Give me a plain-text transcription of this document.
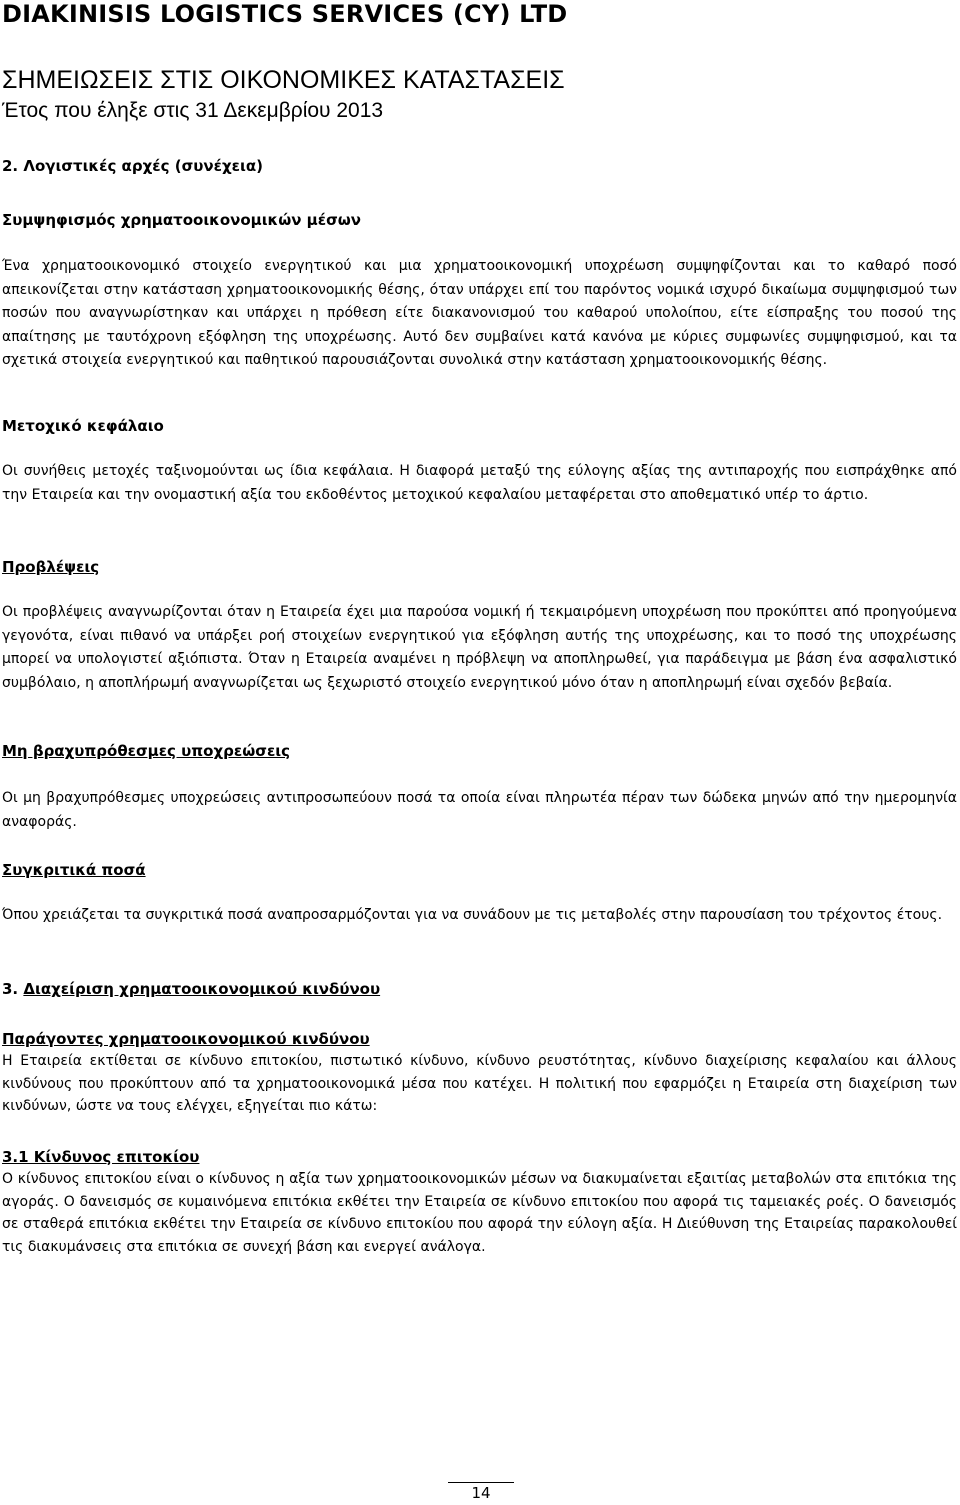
DIAKINISIS LOGISTICS SERVICES (CY) LTD
ΣΗΜΕΙΩΣΕΙΣ ΣΤΙΣ ΟΙΚΟΝΟΜΙΚΕΣ ΚΑΤΑΣΤΑΣΕΙΣ
Έτος που έληξε στις 31 Δεκεμβρίου 2013
2. Λογιστικές αρχές (συνέχεια)
Συμψηφισμός χρηματοοικονομικών μέσων

Ένα χρηματοοικονομικό στοιχείο ενεργητικού και μια χρηματοοικονομική υποχρέωση συμψηφίζονται και το καθαρό ποσό απεικονίζεται στην κατάσταση χρηματοοικονομικής θέσης, όταν υπάρχει επί του παρόντος νομικά ισχυρό δικαίωμα συμψηφισμού των ποσών που αναγνωρίστηκαν και υπάρχει η πρόθεση είτε διακανονισμού του καθαρού υπολοίπου, είτε είσπραξης του ποσού της απαίτησης με ταυτόχρονη εξόφληση της υποχρέωσης. Αυτό δεν συμβαίνει κατά κανόνα με κύριες συμφωνίες συμψηφισμού, και τα σχετικά στοιχεία ενεργητικού και παθητικού παρουσιάζονται συνολικά στην κατάσταση χρηματοοικονομικής θέσης.

Μετοχικό κεφάλαιο

Οι συνήθεις μετοχές ταξινομούνται ως ίδια κεφάλαια. Η διαφορά μεταξύ της εύλογης αξίας της αντιπαροχής που εισπράχθηκε από την Εταιρεία και την ονομαστική αξία του εκδοθέντος μετοχικού κεφαλαίου μεταφέρεται στο αποθεματικό υπέρ το άρτιο.

Προβλέψεις

Οι προβλέψεις αναγνωρίζονται όταν η Εταιρεία έχει μια παρούσα νομική ή τεκμαιρόμενη υποχρέωση που προκύπτει από προηγούμενα γεγονότα, είναι πιθανό να υπάρξει ροή στοιχείων ενεργητικού για εξόφληση αυτής της υποχρέωσης, και το ποσό της υποχρέωσης μπορεί να υπολογιστεί αξιόπιστα. Όταν η Εταιρεία αναμένει η πρόβλεψη να αποπληρωθεί, για παράδειγμα με βάση ένα ασφαλιστικό συμβόλαιο, η αποπλήρωμή αναγνωρίζεται ως ξεχωριστό στοιχείο ενεργητικού μόνο όταν η αποπληρωμή είναι σχεδόν βεβαία.

Μη βραχυπρόθεσμες υποχρεώσεις

Οι μη βραχυπρόθεσμες υποχρεώσεις αντιπροσωπεύουν ποσά τα οποία είναι πληρωτέα πέραν των δώδεκα μηνών από την ημερομηνία αναφοράς.

Συγκριτικά ποσά

Όπου χρειάζεται τα συγκριτικά ποσά αναπροσαρμόζονται για να συνάδουν με τις μεταβολές στην παρουσίαση του τρέχοντος έτους.

3. Διαχείριση χρηματοοικονομικού κινδύνου
Παράγοντες χρηματοοικονομικού κινδύνου

Η Εταιρεία εκτίθεται σε κίνδυνο επιτοκίου, πιστωτικό κίνδυνο, κίνδυνο ρευστότητας, κίνδυνο διαχείρισης κεφαλαίου και άλλους κινδύνους που προκύπτουν από τα χρηματοοικονομικά μέσα που κατέχει. Η πολιτική που εφαρμόζει η Εταιρεία στη διαχείριση των κινδύνων, ώστε να τους ελέγχει, εξηγείται πιο κάτω:

3.1 Κίνδυνος επιτοκίου

Ο κίνδυνος επιτοκίου είναι ο κίνδυνος η αξία των χρηματοοικονομικών μέσων να διακυμαίνεται εξαιτίας μεταβολών στα επιτόκια της αγοράς. Ο δανεισμός σε κυμαινόμενα επιτόκια εκθέτει την Εταιρεία σε κίνδυνο επιτοκίου που αφορά τις ταμειακές ροές. Ο δανεισμός σε σταθερά επιτόκια εκθέτει την Εταιρεία σε κίνδυνο επιτοκίου που αφορά την εύλογη αξία. Η Διεύθυνση της Εταιρείας παρακολουθεί τις διακυμάνσεις στα επιτόκια σε συνεχή βάση και ενεργεί ανάλογα.

14
